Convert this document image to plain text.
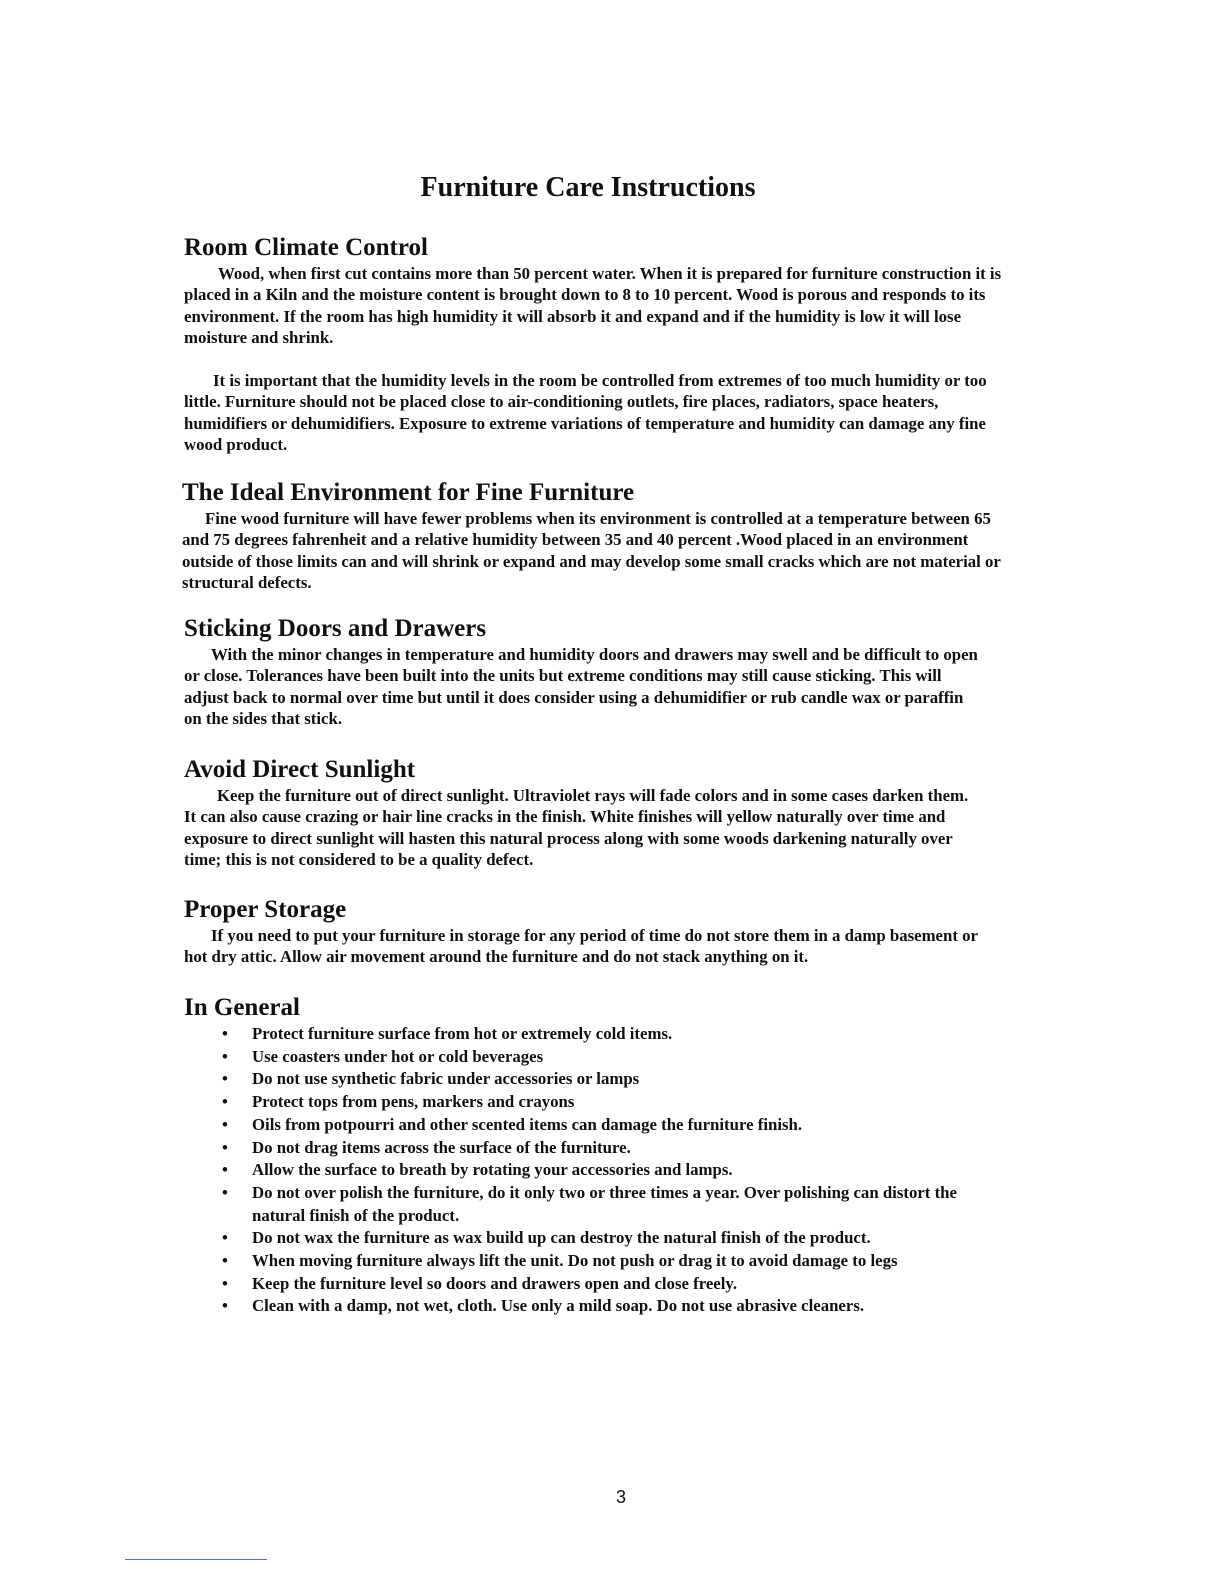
Furniture Care Instructions
Room Climate Control

Wood, when first cut contains more than 50 percent water. When it is prepared for furniture construction it is placed in a Kiln and the moisture content is brought down to 8 to 10 percent. Wood is porous and responds to its environment. If the room has high humidity it will absorb it and expand and if the humidity is low it will lose moisture and shrink.

It is important that the humidity levels in the room be controlled from extremes of too much humidity or too little. Furniture should not be placed close to air-conditioning outlets, fire places, radiators, space heaters, humidifiers or dehumidifiers. Exposure to extreme variations of temperature and humidity can damage any fine wood product.

The Ideal Environment for Fine Furniture

Fine wood furniture will have fewer problems when its environment is controlled at a temperature between 65 and 75 degrees fahrenheit and a relative humidity between 35 and 40 percent .Wood placed in an environment outside of those limits can and will shrink or expand and may develop some small cracks which are not material or structural defects.

Sticking Doors and Drawers

With the minor changes in temperature and humidity doors and drawers may swell and be difficult to open or close. Tolerances have been built into the units but extreme conditions may still cause sticking. This will adjust back to normal over time but until it does consider using a dehumidifier or rub candle wax or paraffin on the sides that stick.

Avoid Direct Sunlight

Keep the furniture out of direct sunlight. Ultraviolet rays will fade colors and in some cases darken them. It can also cause crazing or hair line cracks in the finish. White finishes will yellow naturally over time and exposure to direct sunlight will hasten this natural process along with some woods darkening naturally over time; this is not considered to be a quality defect.

Proper Storage

If you need to put your furniture in storage for any period of time do not store them in a damp basement or hot dry attic. Allow air movement around the furniture and do not stack anything on it.

In General
• Protect furniture surface from hot or extremely cold items.
• Use coasters under hot or cold beverages
• Do not use synthetic fabric under accessories or lamps
• Protect tops from pens, markers and crayons
• Oils from potpourri and other scented items can damage the furniture finish.
• Do not drag items across the surface of the furniture.
• Allow the surface to breath by rotating your accessories and lamps.
• Do not over polish the furniture, do it only two or three times a year. Over polishing can distort the natural finish of the product.
• Do not wax the furniture as wax build up can destroy the natural finish of the product.
• When moving furniture always lift the unit. Do not push or drag it to avoid damage to legs
• Keep the furniture level so doors and drawers open and close freely.
• Clean with a damp, not wet, cloth. Use only a mild soap. Do not use abrasive cleaners.
3
